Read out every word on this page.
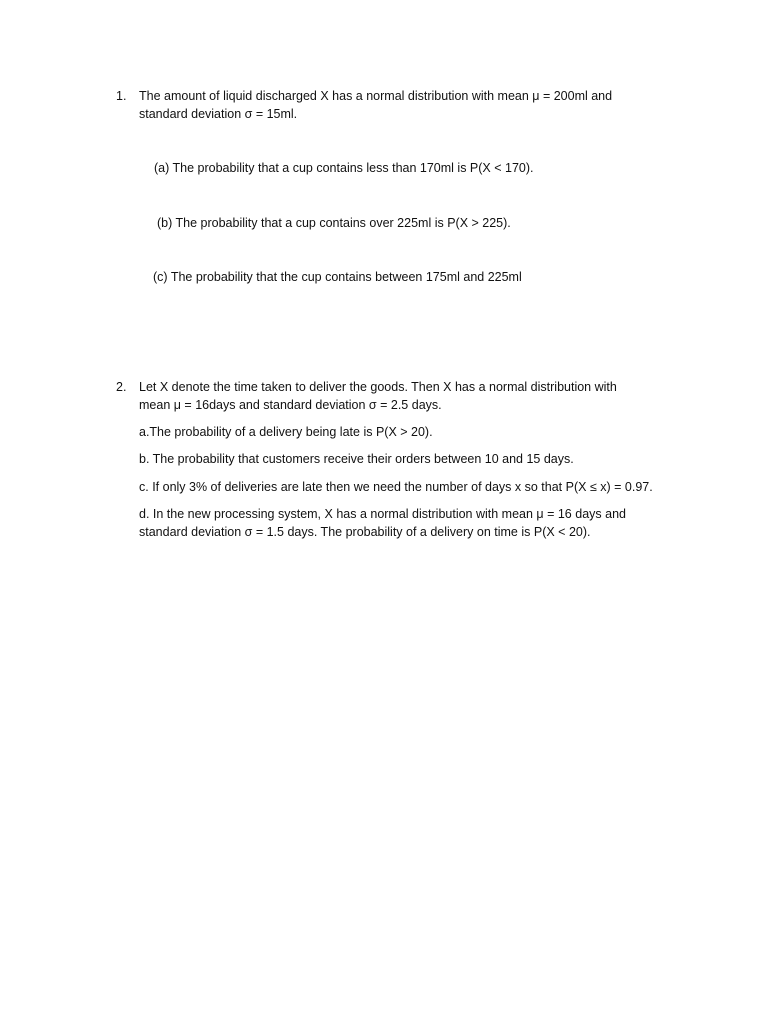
1. The amount of liquid discharged X has a normal distribution with mean μ = 200ml and
standard deviation σ = 15ml.
(a) The probability that a cup contains less than 170ml is P(X < 170).
(b) The probability that a cup contains over 225ml is P(X > 225).
(c) The probability that the cup contains between 175ml and 225ml
2. Let X denote the time taken to deliver the goods. Then X has a normal distribution with
mean μ = 16days and standard deviation σ = 2.5 days.
a.The probability of a delivery being late is P(X > 20).
b. The probability that customers receive their orders between 10 and 15 days.
c. If only 3% of deliveries are late then we need the number of days x so that P(X ≤ x) = 0.97.
d. In the new processing system, X has a normal distribution with mean μ = 16 days and
standard deviation σ = 1.5 days. The probability of a delivery on time is P(X < 20).
